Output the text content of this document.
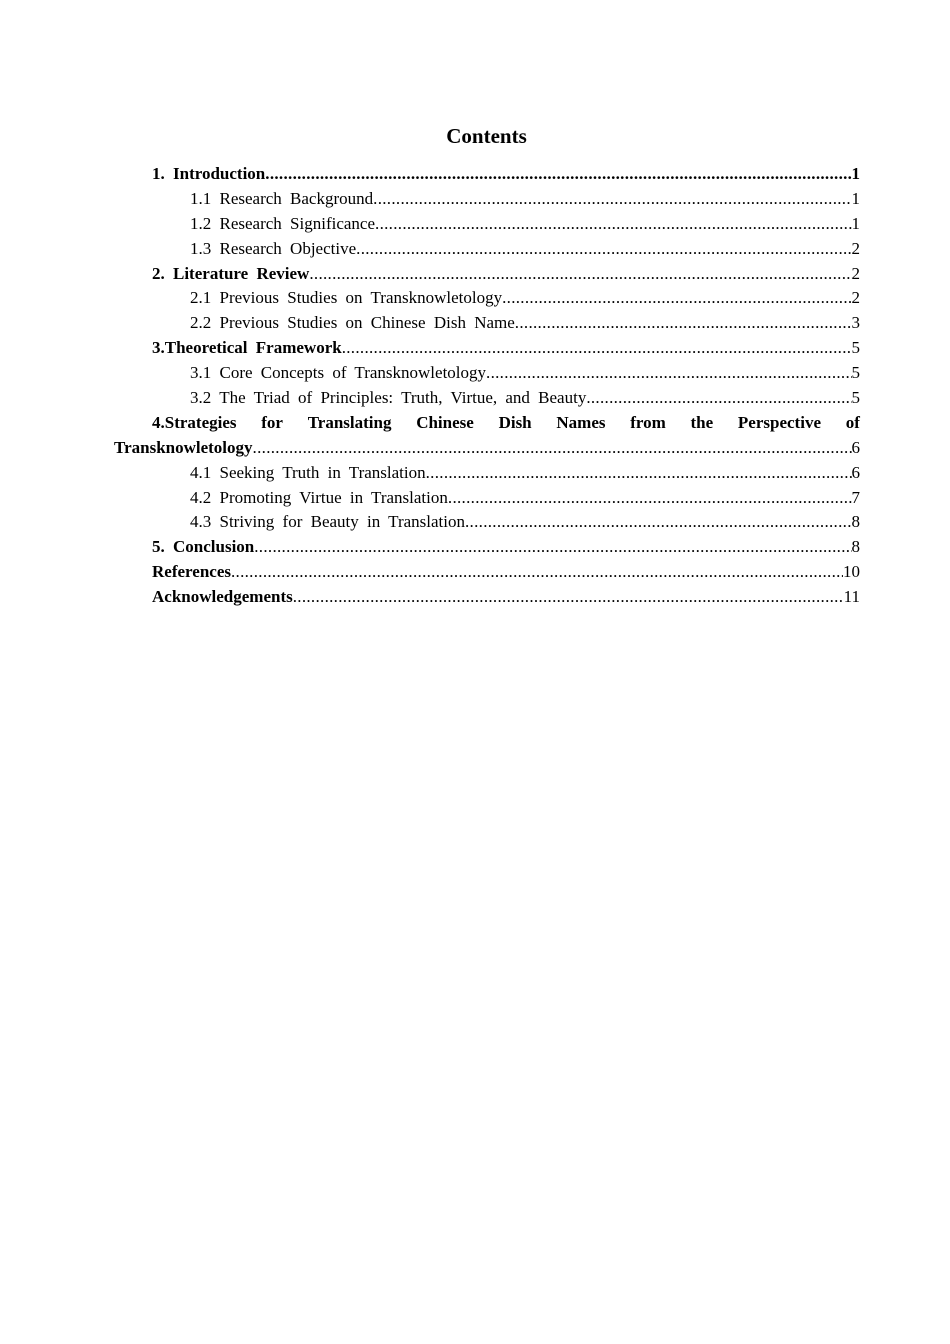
Contents
1. Introduction .....	1
1.1 Research Background .....	1
1.2 Research Significance .....	1
1.3 Research Objective .....	2
2. Literature Review .....	2
2.1 Previous Studies on Transknowletology .....	2
2.2 Previous Studies on Chinese Dish Name .....	3
3.Theoretical Framework .....	5
3.1 Core Concepts of Transknowletology .....	5
3.2 The Triad of Principles: Truth, Virtue, and Beauty .....	5
4.Strategies for Translating Chinese Dish Names from the Perspective of
Transknowletology .....	6
4.1 Seeking Truth in Translation .....	6
4.2 Promoting Virtue in Translation .....	7
4.3 Striving for Beauty in Translation .....	8
5. Conclusion .....	8
References .....	10
Acknowledgements .....	11
